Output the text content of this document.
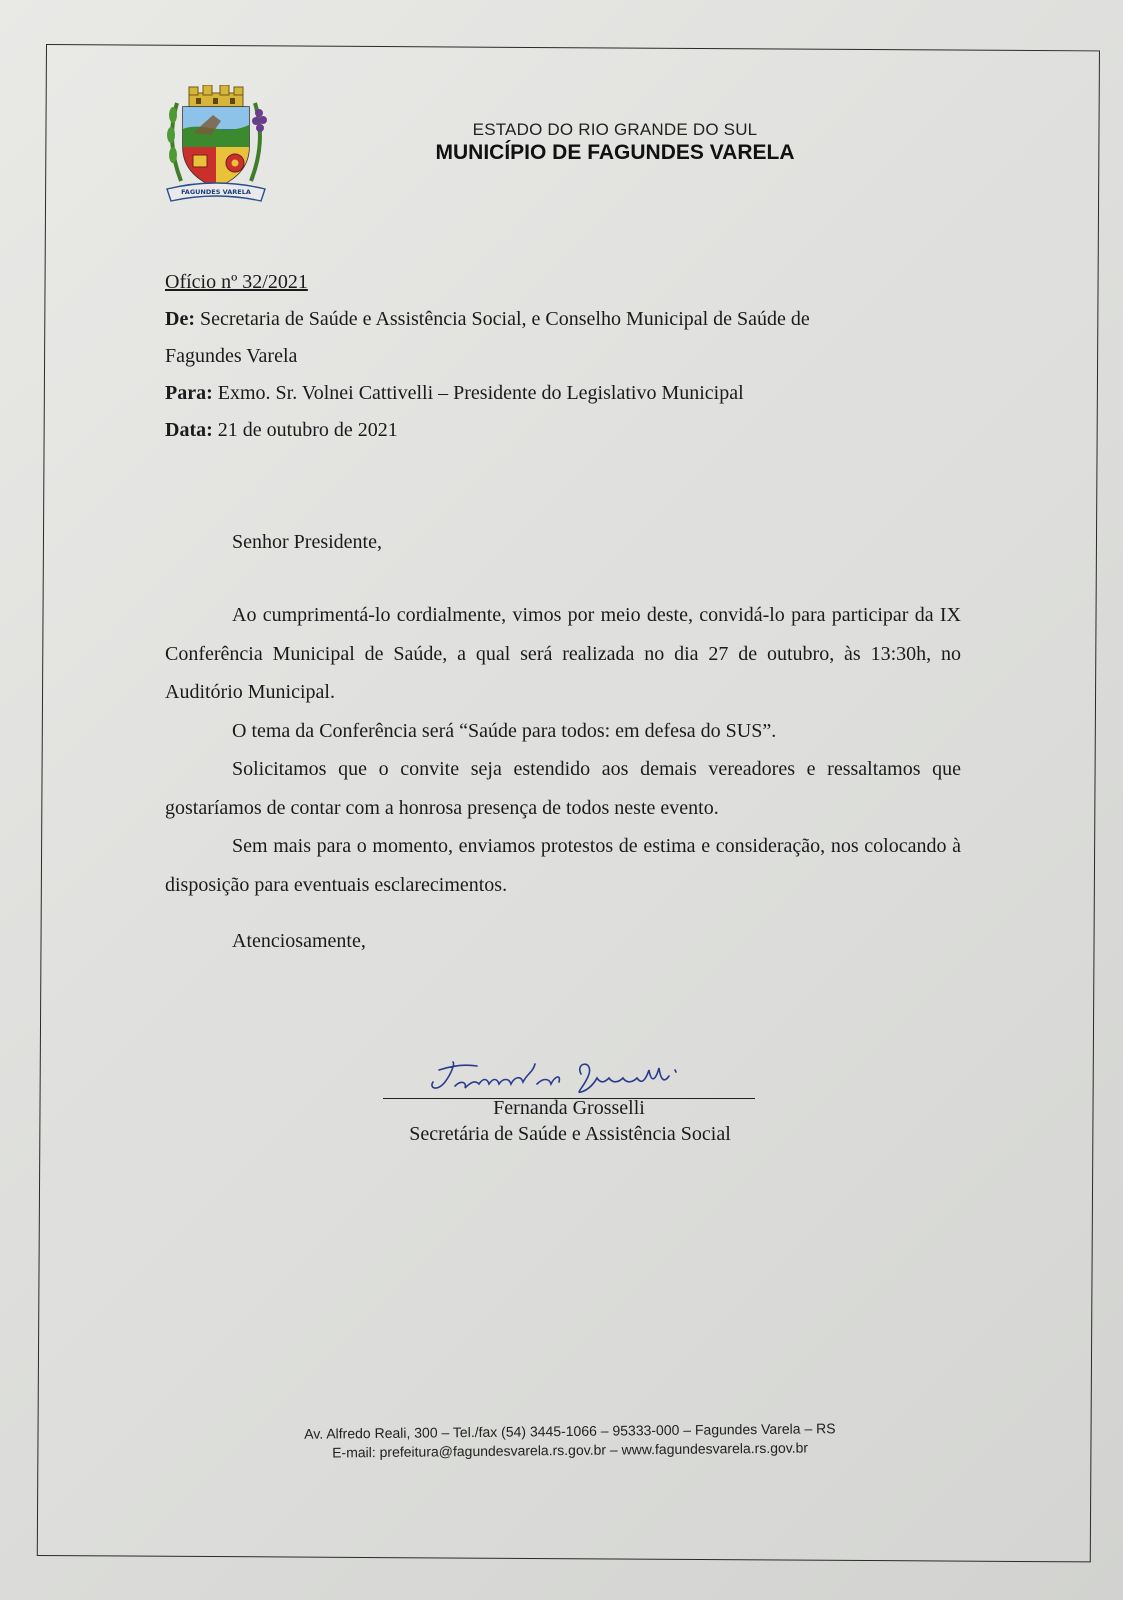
FAGUNDES VARELA
ESTADO DO RIO GRANDE DO SUL
MUNICÍPIO DE FAGUNDES VARELA
Ofício nº 32/2021
De: Secretaria de Saúde e Assistência Social, e Conselho Municipal de Saúde de
Fagundes Varela
Para: Exmo. Sr. Volnei Cattivelli – Presidente do Legislativo Municipal
Data: 21 de outubro de 2021

Senhor Presidente,

Ao cumprimentá-lo cordialmente, vimos por meio deste, convidá-lo para participar da IX Conferência Municipal de Saúde, a qual será realizada no dia 27 de outubro, às 13:30h, no Auditório Municipal.

O tema da Conferência será “Saúde para todos: em defesa do SUS”.

Solicitamos que o convite seja estendido aos demais vereadores e ressaltamos que gostaríamos de contar com a honrosa presença de todos neste evento.

Sem mais para o momento, enviamos protestos de estima e consideração, nos colocando à disposição para eventuais esclarecimentos.

Atenciosamente,

Fernanda Grosselli
Secretária de Saúde e Assistência Social
Av. Alfredo Reali, 300 – Tel./fax (54) 3445-1066 – 95333-000 – Fagundes Varela – RS
E-mail: prefeitura@fagundesvarela.rs.gov.br – www.fagundesvarela.rs.gov.br
